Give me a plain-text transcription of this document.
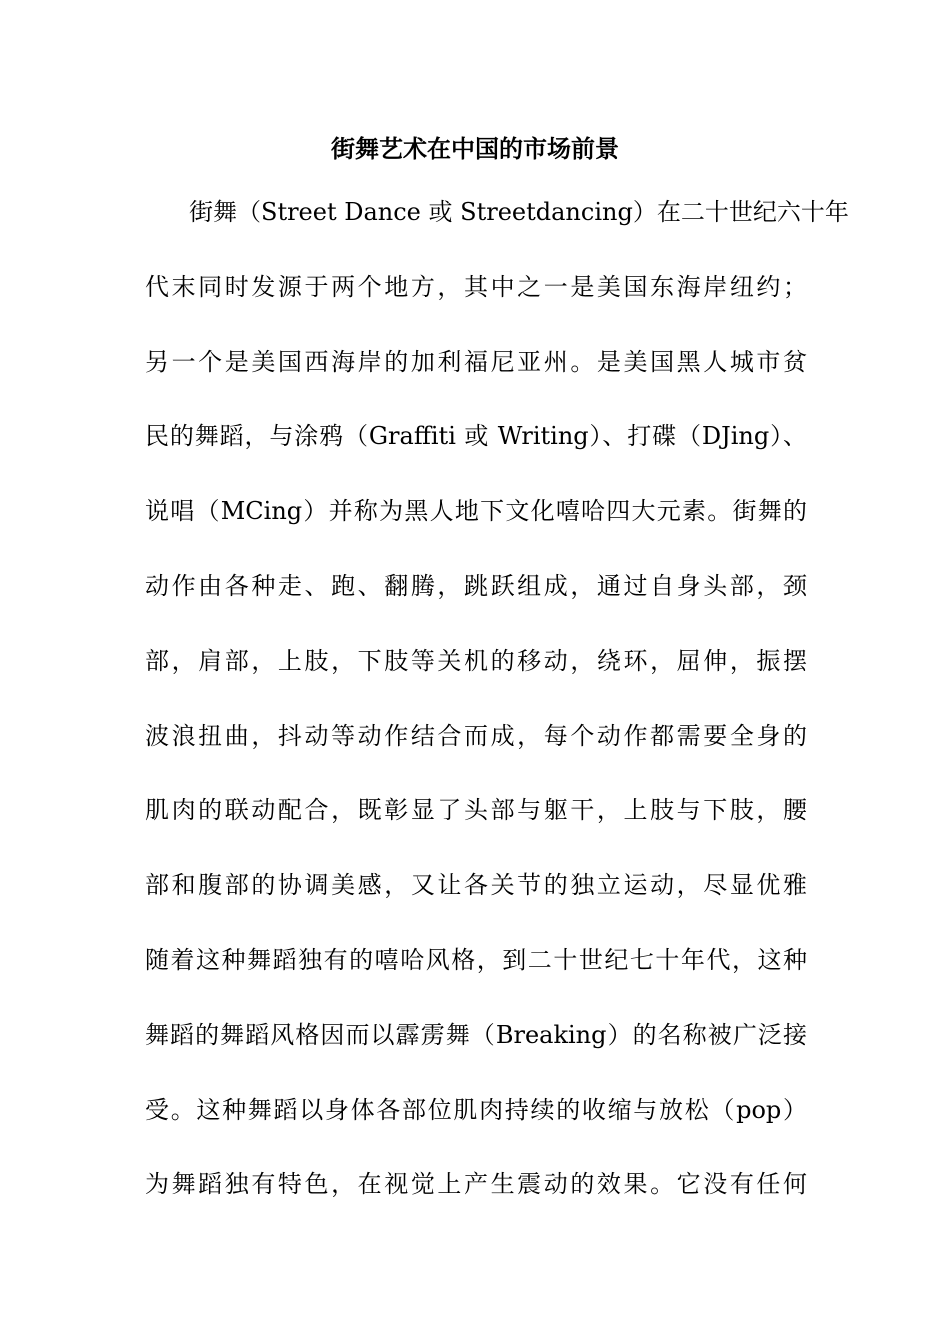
街舞艺术在中国的市场前景
街舞（Street Dance 或 Streetdancing）在二十世纪六十年
代末同时发源于两个地方，其中之一是美国东海岸纽约；
另一个是美国西海岸的加利福尼亚州。是美国黑人城市贫
民的舞蹈，与涂鸦（Graffiti 或 Writing）、打碟（DJing）、
说唱（MCing）并称为黑人地下文化嘻哈四大元素。街舞的
动作由各种走、跑、翻腾，跳跃组成，通过自身头部，颈
部，肩部，上肢，下肢等关机的移动，绕环，屈伸，振摆
波浪扭曲，抖动等动作结合而成，每个动作都需要全身的
肌肉的联动配合，既彰显了头部与躯干，上肢与下肢，腰
部和腹部的协调美感，又让各关节的独立运动，尽显优雅
随着这种舞蹈独有的嘻哈风格，到二十世纪七十年代，这种
舞蹈的舞蹈风格因而以霹雳舞（Breaking）的名称被广泛接
受。这种舞蹈以身体各部位肌肉持续的收缩与放松（pop）
为舞蹈独有特色，在视觉上产生震动的效果。它没有任何
